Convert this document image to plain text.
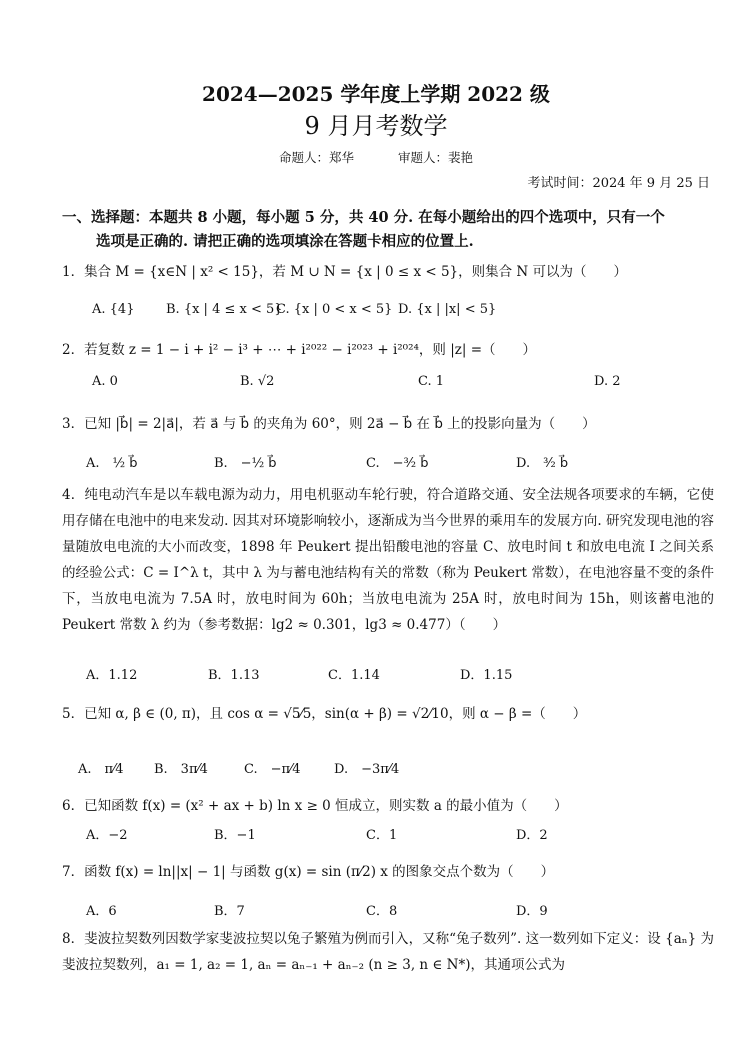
2024—2025 学年度上学期 2022 级
9 月月考数学
命题人：郑华	审题人：裴艳
考试时间：2024 年 9 月 25 日
一、选择题：本题共 8 小题，每小题 5 分，共 40 分. 在每小题给出的四个选项中，只有一个
选项是正确的. 请把正确的选项填涂在答题卡相应的位置上.
1．集合 M = {x∈N | x² < 15}，若 M ∪ N = {x | 0 ≤ x < 5}，则集合 N 可以为（　　）
A. {4} B. {x | 4 ≤ x < 5}
C. {x | 0 < x < 5} D. {x | |x| < 5}
2．若复数 z = 1 − i + i² − i³ + ⋯ + i²⁰²² − i²⁰²³ + i²⁰²⁴，则 |z| =（　　）
A. 0	B. √2	C. 1	D. 2
3．已知 |b⃗| = 2|a⃗|，若 a⃗ 与 b⃗ 的夹角为 60°，则 2a⃗ − b⃗ 在 b⃗ 上的投影向量为（　　）
A.　½ b⃗	B.　−½ b⃗	C.　−³⁄₂ b⃗	D.　³⁄₂ b⃗
4．纯电动汽车是以车载电源为动力，用电机驱动车轮行驶，符合道路交通、安全法规各项要求的车辆，它使用存储在电池中的电来发动. 因其对环境影响较小，逐渐成为当今世界的乘用车的发展方向. 研究发现电池的容量随放电电流的大小而改变，1898 年 Peukert 提出铅酸电池的容量 C、放电时间 t 和放电电流 I 之间关系的经验公式：C = I^λ t，其中 λ 为与蓄电池结构有关的常数（称为 Peukert 常数），在电池容量不变的条件下，当放电电流为 7.5A 时，放电时间为 60h；当放电电流为 25A 时，放电时间为 15h，则该蓄电池的 Peukert 常数 λ 约为（参考数据：lg2 ≈ 0.301，lg3 ≈ 0.477）（　　）
A．1.12	B．1.13	C．1.14	D．1.15
5．已知 α, β ∈ (0, π)，且 cos α = √5⁄5，sin(α + β) = √2⁄10，则 α − β =（　　）
A.　π⁄4 B.　3π⁄4	C.　−π⁄4	D.　−3π⁄4
6．已知函数 f(x) = (x² + ax + b) ln x ≥ 0 恒成立，则实数 a 的最小值为（　　）
A．−2	B．−1	C．1	D．2
7．函数 f(x) = ln||x| − 1| 与函数 g(x) = sin (π⁄2) x 的图象交点个数为（　　）
A．6	B．7	C．8	D．9
8．斐波拉契数列因数学家斐波拉契以兔子繁殖为例而引入，又称“兔子数列”. 这一数列如下定义：设 {aₙ} 为斐波拉契数列，a₁ = 1, a₂ = 1, aₙ = aₙ₋₁ + aₙ₋₂ (n ≥ 3, n ∈ N*)，其通项公式为
